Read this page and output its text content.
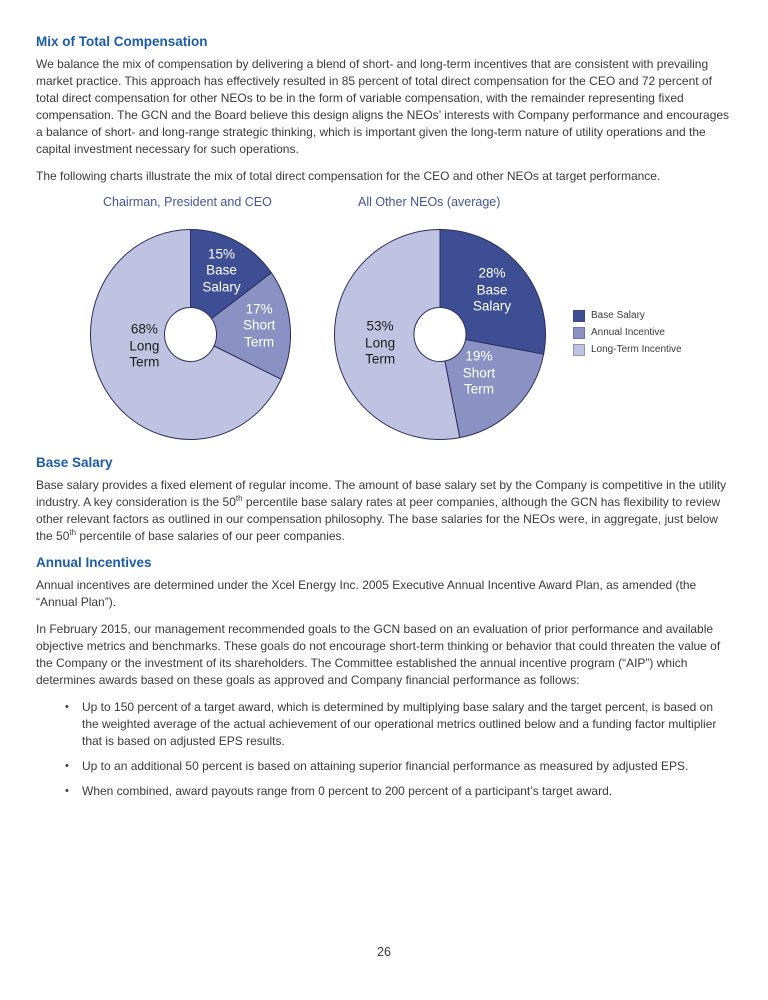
Mix of Total Compensation

We balance the mix of compensation by delivering a blend of short- and long-term incentives that are consistent with prevailing market practice. This approach has effectively resulted in 85 percent of total direct compensation for the CEO and 72 percent of total direct compensation for other NEOs to be in the form of variable compensation, with the remainder representing fixed compensation. The GCN and the Board believe this design aligns the NEOs’ interests with Company performance and encourages a balance of short- and long-range strategic thinking, which is important given the long-term nature of utility operations and the capital investment necessary for such operations.

The following charts illustrate the mix of total direct compensation for the CEO and other NEOs at target performance.

Chairman, President and CEO	All Other NEOs (average)
15%
Base
Salary
17%
Short
Term
68%
Long
Term
28%
Base
Salary
19%
Short
Term
53%
Long
Term
Base Salary
Annual Incentive
Long-Term Incentive
Base Salary

Base salary provides a fixed element of regular income. The amount of base salary set by the Company is competitive in the utility industry. A key consideration is the 50th percentile base salary rates at peer companies, although the GCN has flexibility to review other relevant factors as outlined in our compensation philosophy. The base salaries for the NEOs were, in aggregate, just below the 50th percentile of base salaries of our peer companies.

Annual Incentives

Annual incentives are determined under the Xcel Energy Inc. 2005 Executive Annual Incentive Award Plan, as amended (the “Annual Plan”).

In February 2015, our management recommended goals to the GCN based on an evaluation of prior performance and available objective metrics and benchmarks. These goals do not encourage short-term thinking or behavior that could threaten the value of the Company or the investment of its shareholders. The Committee established the annual incentive program (“AIP”) which determines awards based on these goals as approved and Company financial performance as follows:

• Up to 150 percent of a target award, which is determined by multiplying base salary and the target percent, is based on the weighted average of the actual achievement of our operational metrics outlined below and a funding factor multiplier that is based on adjusted EPS results.
• Up to an additional 50 percent is based on attaining superior financial performance as measured by adjusted EPS.
• When combined, award payouts range from 0 percent to 200 percent of a participant’s target award.
26
